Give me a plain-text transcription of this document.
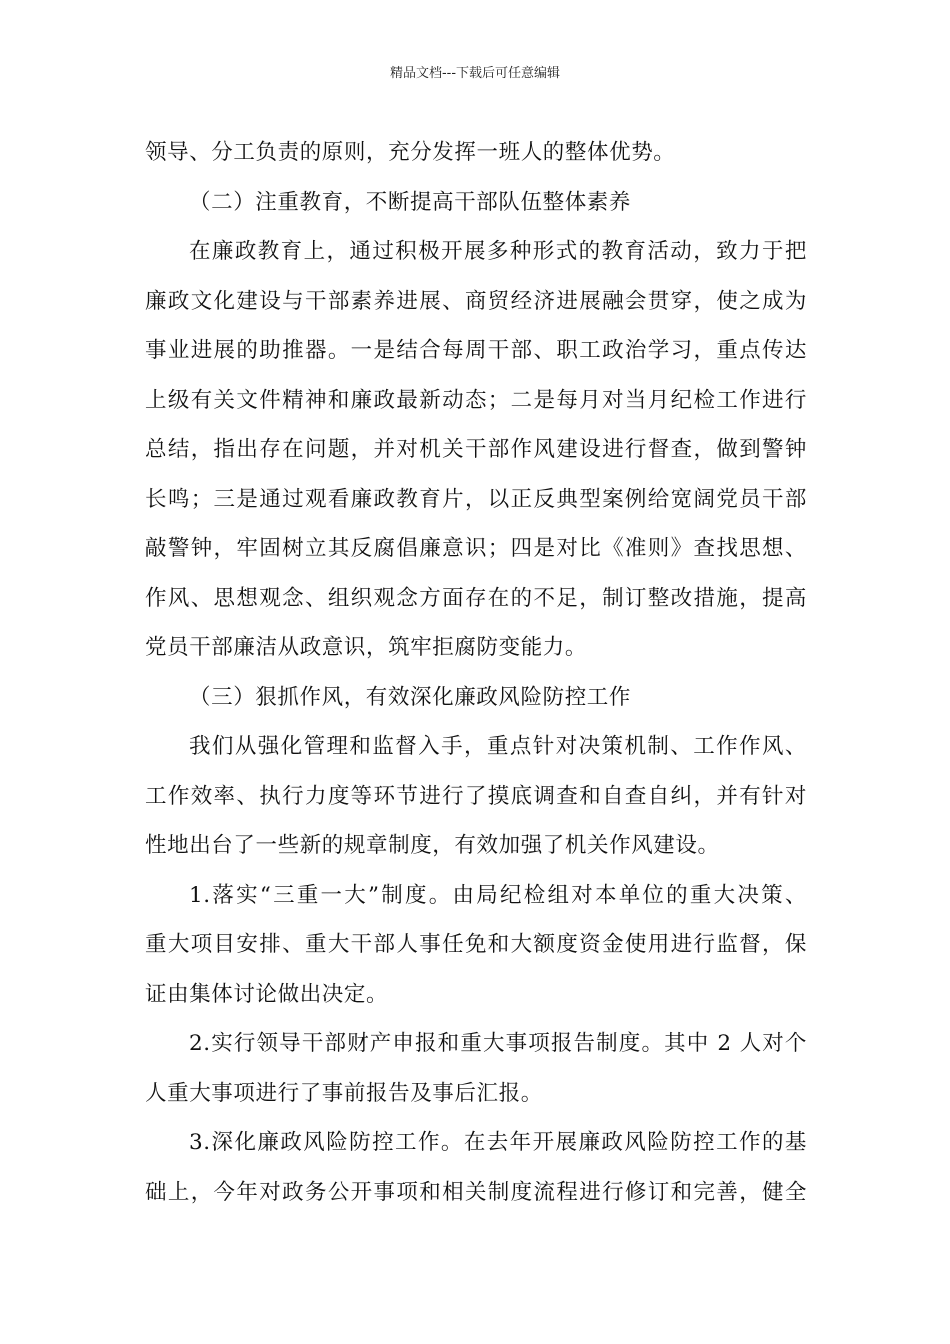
精品文档---下载后可任意编辑
领导、分工负责的原则，充分发挥一班人的整体优势。
（二）注重教育，不断提高干部队伍整体素养
在廉政教育上，通过积极开展多种形式的教育活动，致力于把
廉政文化建设与干部素养进展、商贸经济进展融会贯穿，使之成为
事业进展的助推器。一是结合每周干部、职工政治学习，重点传达
上级有关文件精神和廉政最新动态；二是每月对当月纪检工作进行
总结，指出存在问题，并对机关干部作风建设进行督查，做到警钟
长鸣；三是通过观看廉政教育片，以正反典型案例给宽阔党员干部
敲警钟，牢固树立其反腐倡廉意识；四是对比《准则》查找思想、
作风、思想观念、组织观念方面存在的不足，制订整改措施，提高
党员干部廉洁从政意识，筑牢拒腐防变能力。
（三）狠抓作风，有效深化廉政风险防控工作
我们从强化管理和监督入手，重点针对决策机制、工作作风、
工作效率、执行力度等环节进行了摸底调查和自查自纠，并有针对
性地出台了一些新的规章制度，有效加强了机关作风建设。
1.落实“三重一大”制度。由局纪检组对本单位的重大决策、
重大项目安排、重大干部人事任免和大额度资金使用进行监督，保
证由集体讨论做出决定。
2.实行领导干部财产申报和重大事项报告制度。其中 2 人对个
人重大事项进行了事前报告及事后汇报。
3.深化廉政风险防控工作。在去年开展廉政风险防控工作的基
础上，今年对政务公开事项和相关制度流程进行修订和完善，健全
